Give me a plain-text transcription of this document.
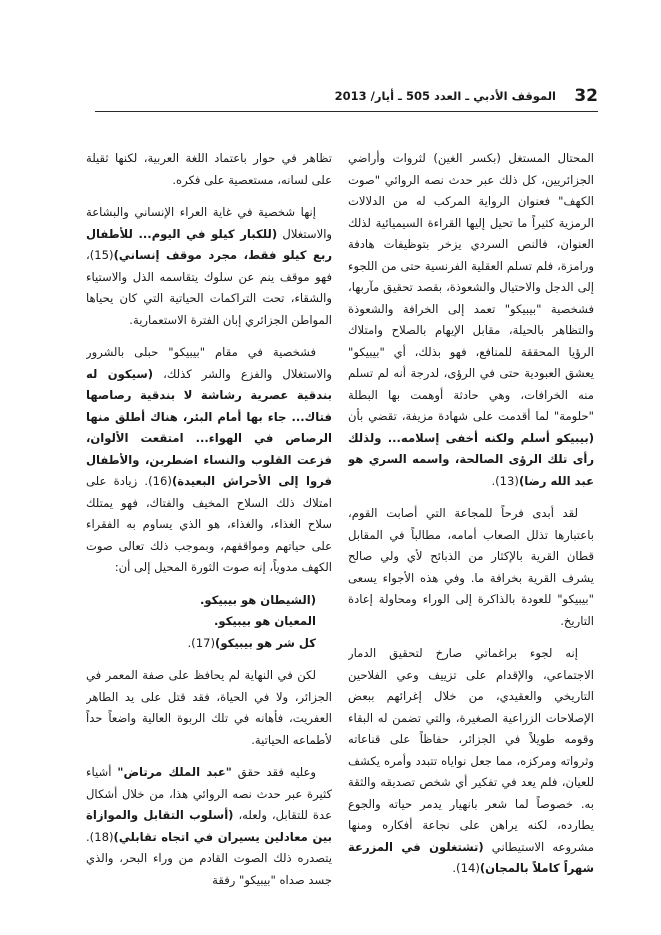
32
الموقف الأدبي ـ العدد 505 ـ أيار/ 2013

المحتال المستغل (بكسر الغين) لثروات وأراضي الجزائريين، كل ذلك عبر حدث نصه الروائي "صوت الكهف" فعنوان الرواية المركب له من الدلالات الرمزية كثيراً ما تحيل إليها القراءة السيميائية لذلك العنوان، فالنص السردي يزخر بتوظيفات هادفة ورامزة، فلم تسلم العقلية الفرنسية حتى من اللجوء إلى الدجل والاحتيال والشعوذة، بقصد تحقيق مآربها، فشخصية "بيبيكو" تعمد إلى الخرافة والشعوذة والتظاهر بالحيلة، مقابل الإيهام بالصلاح وامتلاك الرؤيا المحققة للمنافع، فهو بذلك، أي "بيبيكو" يعشق العبودية حتى في الرؤى، لدرجة أنه لم تسلم منه الخرافات، وهي حادثة أوهمت بها البطلة "حلومة" لما أقدمت على شهادة مزيفة، تقضي بأن (بيبيكو أسلم ولكنه أخفى إسلامه... ولذلك رأى تلك الرؤى الصالحة، واسمه السري هو عبد الله رضا)(13).

لقد أبدى فرحاً للمجاعة التي أصابت القوم، باعتبارها تذلل الصعاب أمامه، مطالباً في المقابل قطان القرية بالإكثار من الذبائح لأي ولي صالح يشرف القرية بخرافة ما. وفي هذه الأجواء يسعى "بيبيكو" للعودة بالذاكرة إلى الوراء ومحاولة إعادة التاريخ.

إنه لجوء براغماتي صارخ لتحقيق الدمار الاجتماعي، والإقدام على تزييف وعي الفلاحين التاريخي والعقيدي، من خلال إغرائهم ببعض الإصلاحات الزراعية الصغيرة، والتي تضمن له البقاء وقومه طويلاً في الجزائر، حفاظاً على قناعاته وثرواته ومركزه، مما جعل نواياه تتبدد وأمره يكشف للعيان، فلم يعد في تفكير أي شخص تصديقه والثقة به. خصوصاً لما شعر بانهيار يدمر حياته والجوع يطارده، لكنه يراهن على نجاعة أفكاره ومنها مشروعه الاستيطاني (تشتغلون في المزرعة شهراً كاملاً بالمجان)(14).

تظاهر في حوار باعتماد اللغة العربية، لكنها ثقيلة على لسانه، مستعصية على فكره.

إنها شخصية في غاية العراء الإنساني والبشاعة والاستغلال (للكبار كيلو في اليوم... للأطفال ربع كيلو فقط، مجرد موقف إنساني)(15)، فهو موقف ينم عن سلوك يتقاسمه الذل والاستياء والشقاء، تحت التراكمات الحياتية التي كان يحياها المواطن الجزائري إبان الفترة الاستعمارية.

فشخصية في مقام "بيبيكو" حبلى بالشرور والاستغلال والفزع والشر كذلك، (سيكون له بندقية عصرية رشاشة لا بندقية رصاصها فتاك... جاء بها أمام البئر، هناك أطلق منها الرصاص في الهواء... امتقعت الألوان، فزعت القلوب والنساء اضطربن، والأطفال فروا إلى الأحراش البعيدة)(16). زيادة على امتلاك ذلك السلاح المخيف والفتاك، فهو يمتلك سلاح الغذاء، والغذاء، هو الذي يساوم به الفقراء على حياتهم ومواقفهم، وبموجب ذلك تعالى صوت الكهف مدوياً، إنه صوت الثورة المحيل إلى أن:

(الشيطان هو بيبيكو.

المعيان هو بيبيكو.

كل شر هو بيبيكو)(17).

لكن في النهاية لم يحافظ على صفة المعمر في الجزائر، ولا في الحياة، فقد قتل على يد الطاهر العفريت، فأهانه في تلك الربوة العالية واضعاً حداً لأطماعه الحياتية.

وعليه فقد حقق "عبد الملك مرتاض" أشياء كثيرة عبر حدث نصه الروائي هذا، من خلال أشكال عدة للتقابل، ولعله، (أسلوب التقابل والموازاة بين معادلين يسيران في اتجاه تقابلي)(18). يتصدره ذلك الصوت القادم من وراء البحر، والذي جسد صداه "بيبيكو" رفقة
